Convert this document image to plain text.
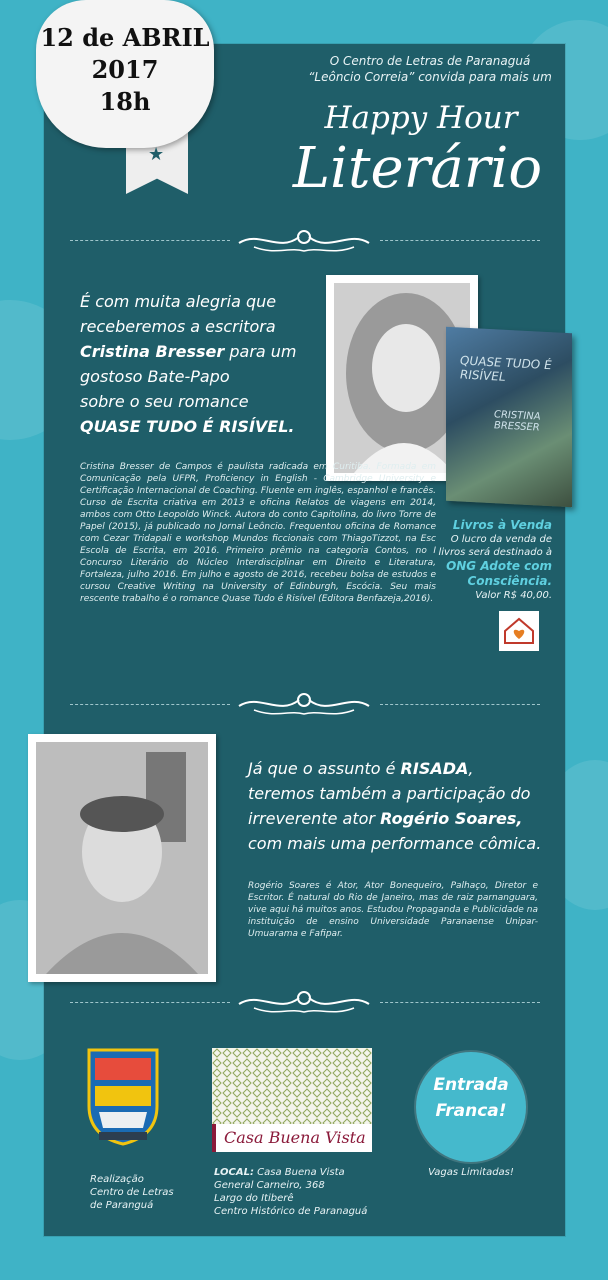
★
12 de ABRIL
2017
18h
O Centro de Letras de Paranaguá
“Leôncio Correia” convida para mais um
Happy Hour
Literário
É com muita alegria que
receberemos a escritora
Cristina Bresser para um
gostoso Bate-Papo
sobre o seu romance
QUASE TUDO É RISÍVEL.
QUASE TUDO É RISÍVEL
CRISTINA BRESSER
Cristina Bresser de Campos é paulista radicada em Curitiba. Formada em Comunicação pela UFPR, Proficiency in English - Cambridge University e Certificação Internacional de Coaching. Fluente em inglês, espanhol e francês. Curso de Escrita criativa em 2013 e oficina Relatos de viagens em 2014, ambos com Otto Leopoldo Winck. Autora do conto Capitolina, do livro Torre de Papel (2015), já publicado no Jornal Leôncio. Frequentou oficina de Romance com Cezar Tridapali e workshop Mundos ficcionais com ThiagoTizzot, na Esc Escola de Escrita, em 2016. Primeiro prêmio na categoria Contos, no I Concurso Literário do Núcleo Interdisciplinar em Direito e Literatura, Fortaleza, julho 2016. Em julho e agosto de 2016, recebeu bolsa de estudos e cursou Creative Writing na University of Edinburgh, Escócia. Seu mais rescente trabalho é o romance Quase Tudo é Risível (Editora Benfazeja,2016).
Livros à Venda
O lucro da venda de
livros será destinado à
ONG Adote com Consciência.
Valor R$ 40,00.
Já que o assunto é RISADA,
teremos também a participação do
irreverente ator Rogério Soares,
com mais uma performance cômica.
Rogério Soares é Ator, Ator Bonequeiro, Palhaço, Diretor e Escritor. É natural do Rio de Janeiro, mas de raiz parnanguara, vive aqui há muitos anos. Estudou Propaganda e Publicidade na instituição de ensino Universidade Paranaense Unipar-Umuarama e Fafipar.
Casa Buena Vista
Entrada
Franca!
Realização
Centro de Letras
de Paranguá
LOCAL: Casa Buena Vista
General Carneiro, 368
Largo do Itiberê
Centro Histórico de Paranaguá
Vagas Limitadas!
